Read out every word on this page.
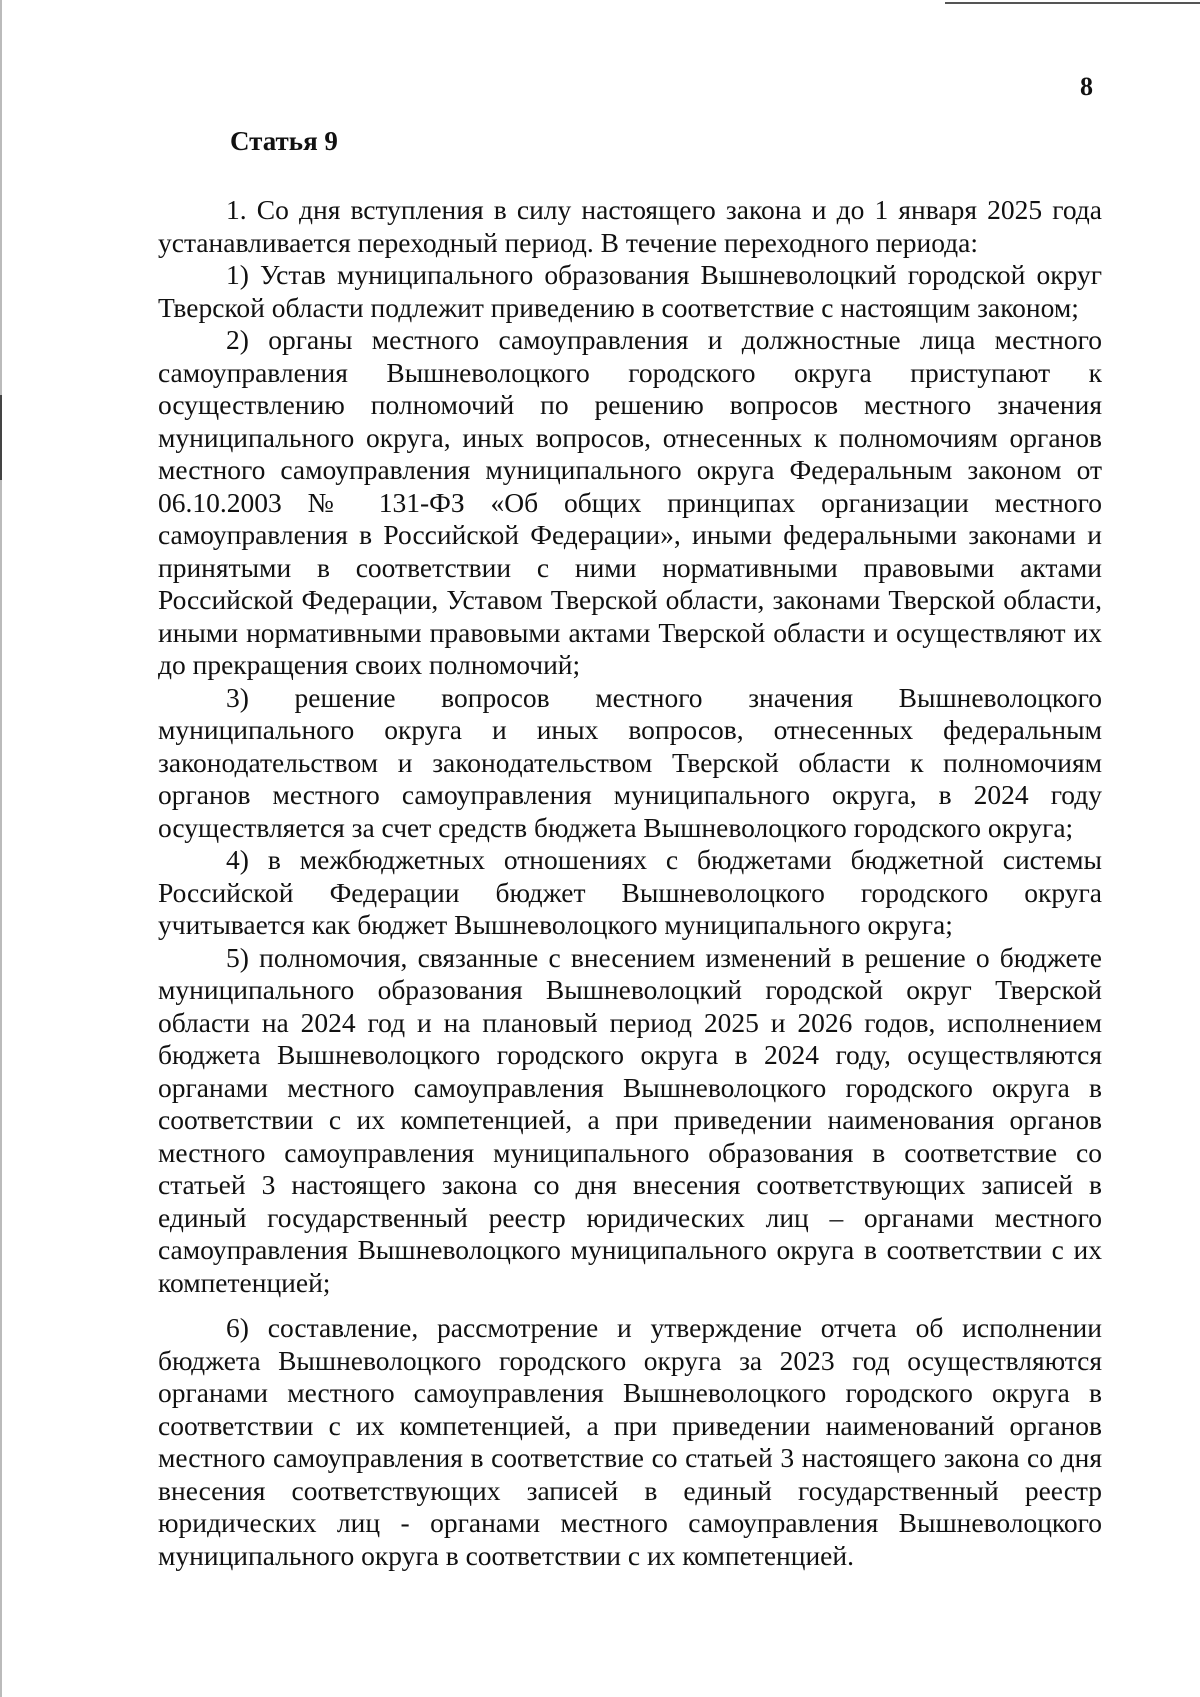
8
Статья 9

1. Со дня вступления в силу настоящего закона и до 1 января 2025 года устанавливается переходный период. В течение переходного периода:

1) Устав муниципального образования Вышневолоцкий городской округ Тверской области подлежит приведению в соответствие с настоящим законом;

2) органы местного самоуправления и должностные лица местного самоуправления Вышневолоцкого городского округа приступают к осуществлению полномочий по решению вопросов местного значения муниципального округа, иных вопросов, отнесенных к полномочиям органов местного самоуправления муниципального округа Федеральным законом от 06.10.2003 № 131-ФЗ «Об общих принципах организации местного самоуправления в Российской Федерации», иными федеральными законами и принятыми в соответствии с ними нормативными правовыми актами Российской Федерации, Уставом Тверской области, законами Тверской области, иными нормативными правовыми актами Тверской области и осуществляют их до прекращения своих полномочий;

3) решение вопросов местного значения Вышневолоцкого муниципального округа и иных вопросов, отнесенных федеральным законодательством и законодательством Тверской области к полномочиям органов местного самоуправления муниципального округа, в 2024 году осуществляется за счет средств бюджета Вышневолоцкого городского округа;

4) в межбюджетных отношениях с бюджетами бюджетной системы Российской Федерации бюджет Вышневолоцкого городского округа учитывается как бюджет Вышневолоцкого муниципального округа;

5) полномочия, связанные с внесением изменений в решение о бюджете муниципального образования Вышневолоцкий городской округ Тверской области на 2024 год и на плановый период 2025 и 2026 годов, исполнением бюджета Вышневолоцкого городского округа в 2024 году, осуществляются органами местного самоуправления Вышневолоцкого городского округа в соответствии с их компетенцией, а при приведении наименования органов местного самоуправления муниципального образования в соответствие со статьей 3 настоящего закона со дня внесения соответствующих записей в единый государственный реестр юридических лиц – органами местного самоуправления Вышневолоцкого муниципального округа в соответствии с их компетенцией;

6) составление, рассмотрение и утверждение отчета об исполнении бюджета Вышневолоцкого городского округа за 2023 год осуществляются органами местного самоуправления Вышневолоцкого городского округа в соответствии с их компетенцией, а при приведении наименований органов местного самоуправления в соответствие со статьей 3 настоящего закона со дня внесения соответствующих записей в единый государственный реестр юридических лиц - органами местного самоуправления Вышневолоцкого муниципального округа в соответствии с их компетенцией.
